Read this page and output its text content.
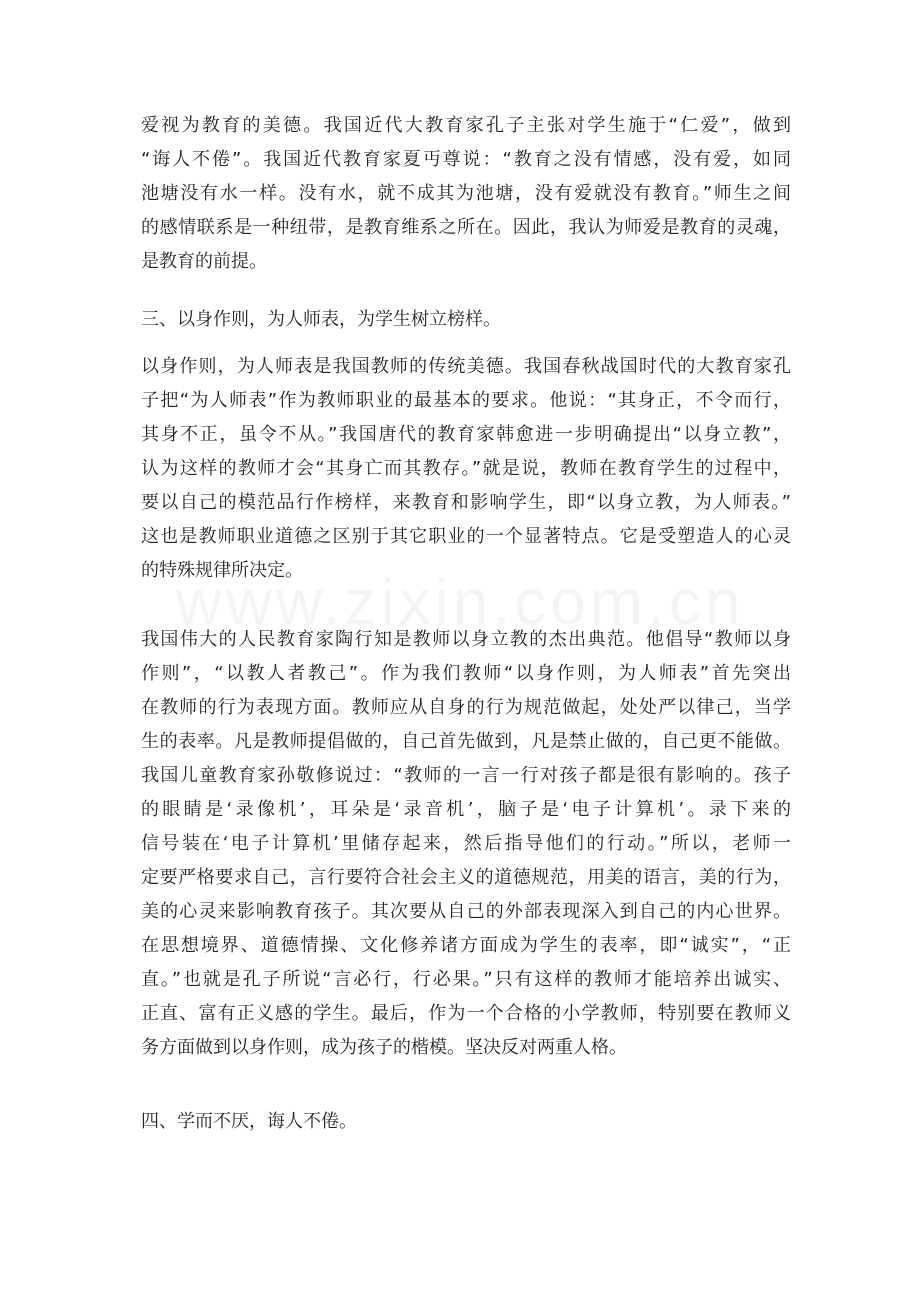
爱视为教育的美德。我国近代大教育家孔子主张对学生施于“仁爱”，做到
“诲人不倦”。我国近代教育家夏丏尊说：“教育之没有情感，没有爱，如同
池塘没有水一样。没有水，就不成其为池塘，没有爱就没有教育。”师生之间
的感情联系是一种纽带，是教育维系之所在。因此，我认为师爱是教育的灵魂，
是教育的前提。
三、以身作则，为人师表，为学生树立榜样。
以身作则，为人师表是我国教师的传统美德。我国春秋战国时代的大教育家孔
子把“为人师表”作为教师职业的最基本的要求。他说：“其身正，不令而行，
其身不正，虽令不从。”我国唐代的教育家韩愈进一步明确提出“以身立教”，
认为这样的教师才会“其身亡而其教存。”就是说，教师在教育学生的过程中，
要以自己的模范品行作榜样，来教育和影响学生，即“以身立教，为人师表。”
这也是教师职业道德之区别于其它职业的一个显著特点。它是受塑造人的心灵
的特殊规律所决定。
我国伟大的人民教育家陶行知是教师以身立教的杰出典范。他倡导“教师以身
作则”，“以教人者教己”。作为我们教师“以身作则，为人师表”首先突出
在教师的行为表现方面。教师应从自身的行为规范做起，处处严以律己，当学
生的表率。凡是教师提倡做的，自己首先做到，凡是禁止做的，自己更不能做。
我国儿童教育家孙敬修说过：“教师的一言一行对孩子都是很有影响的。孩子
的眼睛是‘录像机’，耳朵是‘录音机’，脑子是‘电子计算机’。录下来的
信号装在‘电子计算机’里储存起来，然后指导他们的行动。”所以，老师一
定要严格要求自己，言行要符合社会主义的道德规范，用美的语言，美的行为，
美的心灵来影响教育孩子。其次要从自己的外部表现深入到自己的内心世界。
在思想境界、道德情操、文化修养诸方面成为学生的表率，即“诚实”，“正
直。”也就是孔子所说“言必行，行必果。”只有这样的教师才能培养出诚实、
正直、富有正义感的学生。最后，作为一个合格的小学教师，特别要在教师义
务方面做到以身作则，成为孩子的楷模。坚决反对两重人格。
四、学而不厌，诲人不倦。
